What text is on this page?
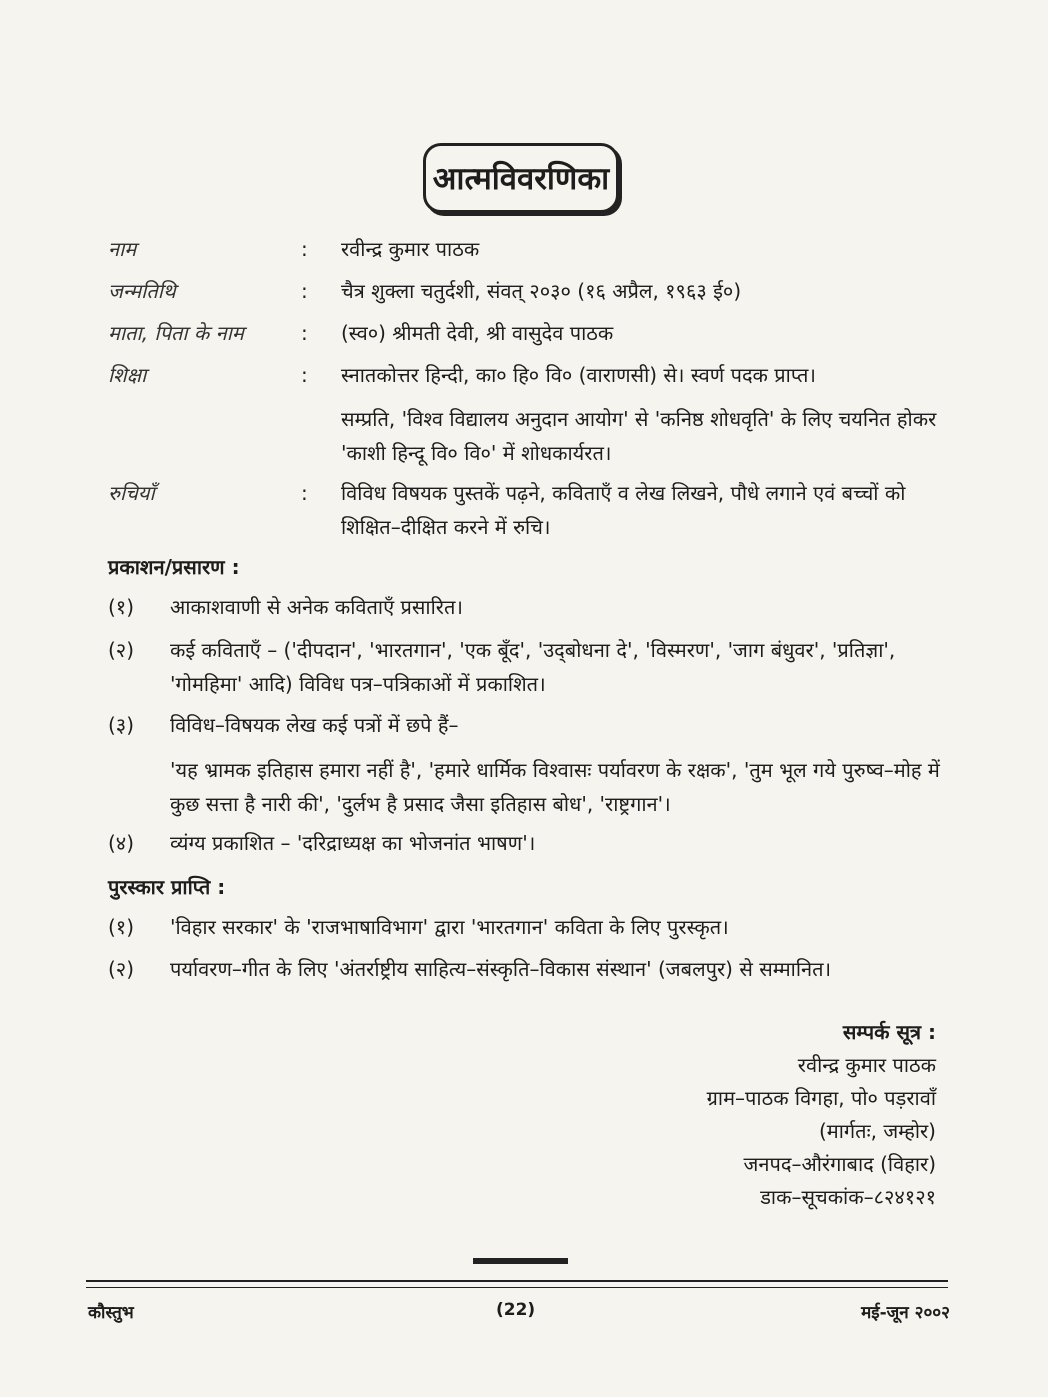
आत्मविवरणिका
नाम	: रवीन्द्र कुमार पाठक
जन्मतिथि	: चैत्र शुक्ला चतुर्दशी, संवत् २०३० (१६ अप्रैल, १९६३ ई०)
माता, पिता के नाम	: (स्व०) श्रीमती देवी, श्री वासुदेव पाठक
शिक्षा	: स्नातकोत्तर हिन्दी, का० हि० वि० (वाराणसी) से। स्वर्ण पदक प्राप्त।
सम्प्रति, 'विश्व विद्यालय अनुदान आयोग' से 'कनिष्ठ शोधवृति' के लिए चयनित होकर 'काशी हिन्दू वि० वि०' में शोधकार्यरत।
रुचियाँ	: विविध विषयक पुस्तकें पढ़ने, कविताएँ व लेख लिखने, पौधे लगाने एवं बच्चों को शिक्षित–दीक्षित करने में रुचि।
प्रकाशन/प्रसारण :
(१) आकाशवाणी से अनेक कविताएँ प्रसारित।
(२) कई कविताएँ – ('दीपदान', 'भारतगान', 'एक बूँद', 'उद्‌बोधना दे', 'विस्मरण', 'जाग बंधुवर', 'प्रतिज्ञा', 'गोमहिमा' आदि) विविध पत्र–पत्रिकाओं में प्रकाशित।
(३) विविध–विषयक लेख कई पत्रों में छपे हैं–
'यह भ्रामक इतिहास हमारा नहीं है', 'हमारे धार्मिक विश्वासः पर्यावरण के रक्षक', 'तुम भूल गये पुरुष्व–मोह में कुछ सत्ता है नारी की', 'दुर्लभ है प्रसाद जैसा इतिहास बोध', 'राष्ट्रगान'।
(४) व्यंग्य प्रकाशित – 'दरिद्राध्यक्ष का भोजनांत भाषण'।
पुरस्कार प्राप्ति :
(१) 'विहार सरकार' के 'राजभाषाविभाग' द्वारा 'भारतगान' कविता के लिए पुरस्कृत।
(२) पर्यावरण–गीत के लिए 'अंतर्राष्ट्रीय साहित्य–संस्कृति–विकास संस्थान' (जबलपुर) से सम्मानित।
सम्पर्क सूत्र :
रवीन्द्र कुमार पाठक
ग्राम–पाठक विगहा, पो० पड़रावाँ
(मार्गतः, जम्होर)
जनपद–औरंगाबाद (विहार)
डाक–सूचकांक–८२४१२१
कौस्तुभ	(22)	मई-जून २००२
